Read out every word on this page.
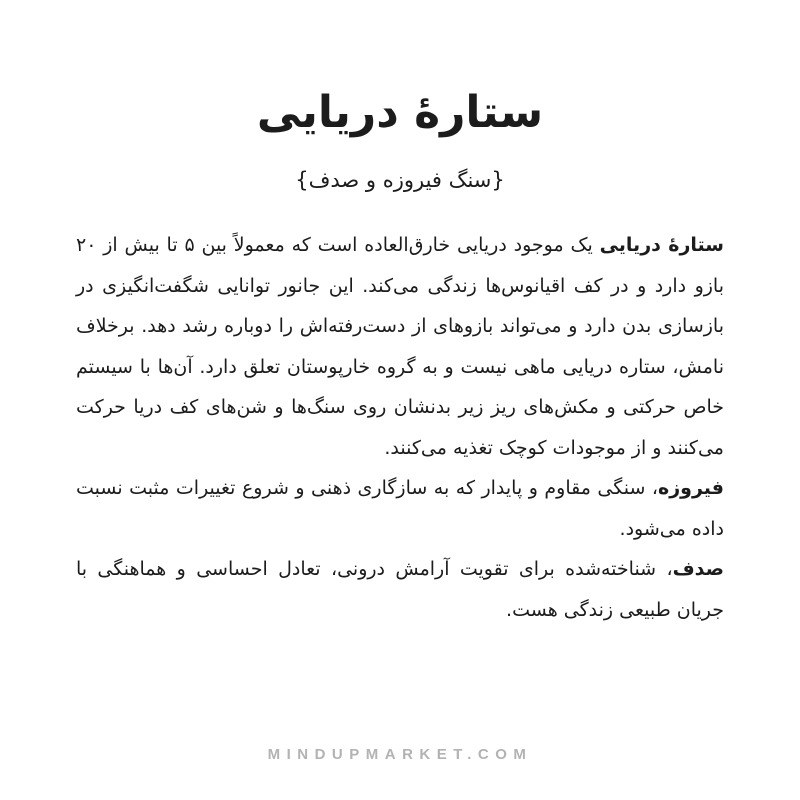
ستارهٔ دریایی
{سنگ فیروزه و صدف}

ستارهٔ دریایی یک موجود دریایی خارق‌العاده است که معمولاً بین ۵ تا بیش از ۲۰ بازو دارد و در کف اقیانوس‌ها زندگی می‌کند. این جانور توانایی شگفت‌انگیزی در بازسازی بدن دارد و می‌تواند بازوهای از دست‌رفته‌اش را دوباره رشد دهد. برخلاف نامش، ستاره دریایی ماهی نیست و به گروه خارپوستان تعلق دارد. آن‌ها با سیستم خاص حرکتی و مکش‌های ریز زیر بدنشان روی سنگ‌ها و شن‌های کف دریا حرکت می‌کنند و از موجودات کوچک تغذیه می‌کنند.

فیروزه، سنگی مقاوم و پایدار که به سازگاری ذهنی و شروع تغییرات مثبت نسبت داده می‌شود.

صدف، شناخته‌شده برای تقویت آرامش درونی، تعادل احساسی و هماهنگی با جریان طبیعی زندگی هست.

MINDUPMARKET.COM
